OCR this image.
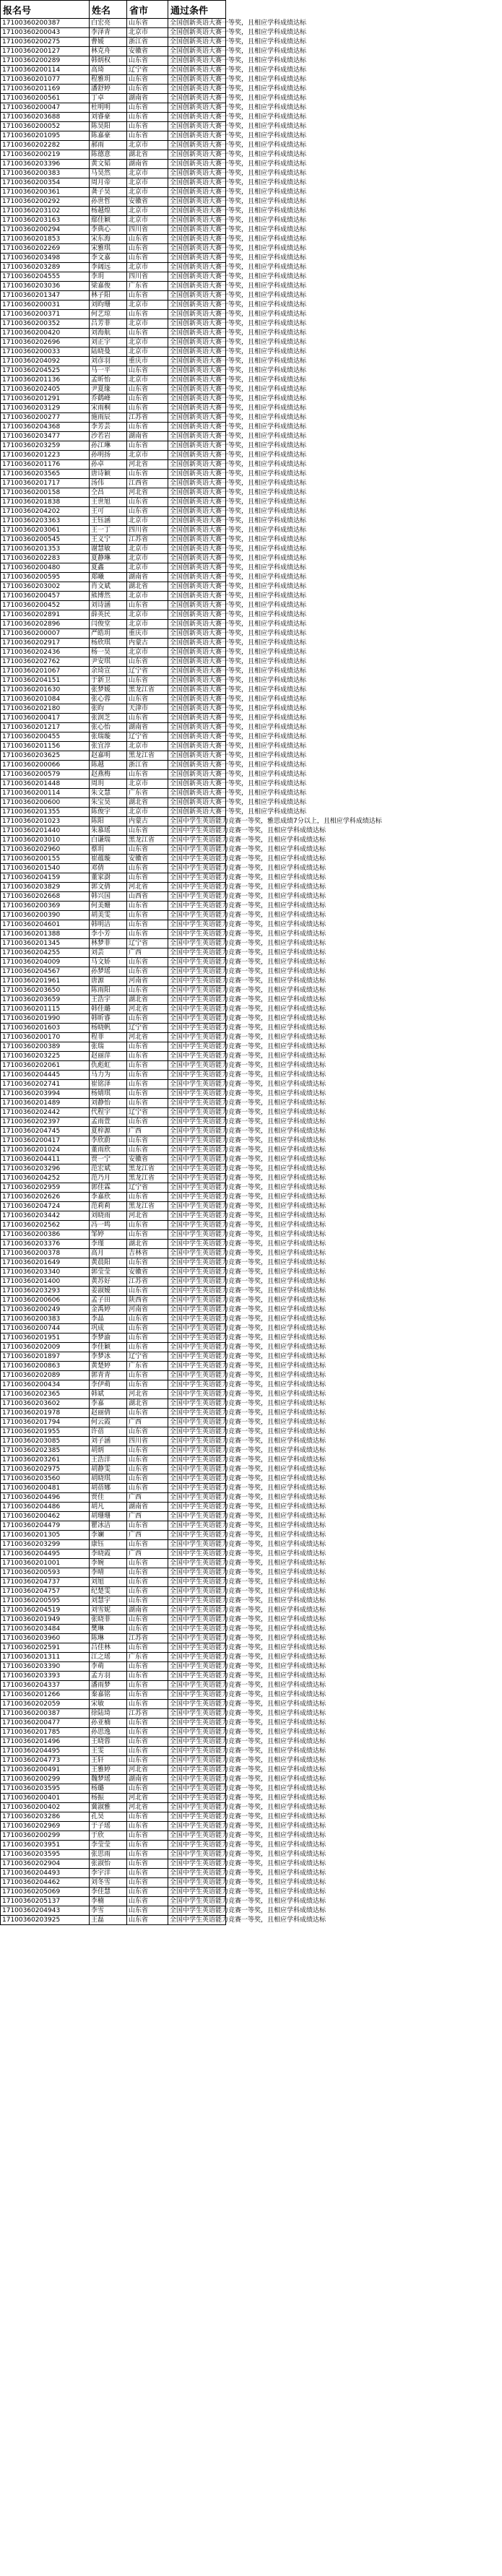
报名号	姓名	省市	通过条件
17100360200387	白宏亮	山东省	全国创新英语大赛一等奖，且相应学科成绩达标
17100360200043	李泽青	北京市	全国创新英语大赛一等奖，且相应学科成绩达标
17100360200275	曹媛	浙江省	全国创新英语大赛一等奖，且相应学科成绩达标
17100360200127	林克舟	安徽省	全国创新英语大赛一等奖，且相应学科成绩达标
17100360200289	韩炳权	山东省	全国创新英语大赛一等奖，且相应学科成绩达标
17100360200114	高琦	辽宁省	全国创新英语大赛一等奖，且相应学科成绩达标
17100360201077	程雅玥	山东省	全国创新英语大赛一等奖，且相应学科成绩达标
17100360201169	潘舒婷	山东省	全国创新英语大赛一等奖，且相应学科成绩达标
17100360200561	丁卓	湖南省	全国创新英语大赛一等奖，且相应学科成绩达标
17100360200047	杜明明	山东省	全国创新英语大赛一等奖，且相应学科成绩达标
17100360203688	刘睿豪	山东省	全国创新英语大赛一等奖，且相应学科成绩达标
17100360200052	陈昊阳	山东省	全国创新英语大赛一等奖，且相应学科成绩达标
17100360201095	陈嘉豪	山东省	全国创新英语大赛一等奖，且相应学科成绩达标
17100360202282	郝雨	北京市	全国创新英语大赛一等奖，且相应学科成绩达标
17100360200219	陈德意	湖北省	全国创新英语大赛一等奖，且相应学科成绩达标
17100360203396	黄文韬	湖南省	全国创新英语大赛一等奖，且相应学科成绩达标
17100360200383	马昊然	北京市	全国创新英语大赛一等奖，且相应学科成绩达标
17100360200354	周月帝	北京市	全国创新英语大赛一等奖，且相应学科成绩达标
17100360200361	龚子昊	北京市	全国创新英语大赛一等奖，且相应学科成绩达标
17100360200292	孙世哲	安徽省	全国创新英语大赛一等奖，且相应学科成绩达标
17100360203102	杨越煌	北京市	全国创新英语大赛一等奖，且相应学科成绩达标
17100360203163	鄢佳颖	北京市	全国创新英语大赛一等奖，且相应学科成绩达标
17100360200294	李典心	四川省	全国创新英语大赛一等奖，且相应学科成绩达标
17100360201853	宋东海	山东省	全国创新英语大赛一等奖，且相应学科成绩达标
17100360202269	宋雅琪	山东省	全国创新英语大赛一等奖，且相应学科成绩达标
17100360203498	李文嘉	山东省	全国创新英语大赛一等奖，且相应学科成绩达标
17100360203289	李阔远	北京市	全国创新英语大赛一等奖，且相应学科成绩达标
17100360204555	李玥	四川省	全国创新英语大赛一等奖，且相应学科成绩达标
17100360203036	梁嘉俊	广东省	全国创新英语大赛一等奖，且相应学科成绩达标
17100360201347	林子阳	山东省	全国创新英语大赛一等奖，且相应学科成绩达标
17100360200031	刘昀珊	北京市	全国创新英语大赛一等奖，且相应学科成绩达标
17100360200371	何艺琼	山东省	全国创新英语大赛一等奖，且相应学科成绩达标
17100360200352	吕芳菲	北京市	全国创新英语大赛一等奖，且相应学科成绩达标
17100360200420	刘海航	山东省	全国创新英语大赛一等奖，且相应学科成绩达标
17100360202696	刘正宇	北京市	全国创新英语大赛一等奖，且相应学科成绩达标
17100360200033	陆晓曼	北京市	全国创新英语大赛一等奖，且相应学科成绩达标
17100360204092	刘彦羽	重庆市	全国创新英语大赛一等奖，且相应学科成绩达标
17100360204525	马一平	山东省	全国创新英语大赛一等奖，且相应学科成绩达标
17100360201136	孟昕怡	北京市	全国创新英语大赛一等奖，且相应学科成绩达标
17100360202405	尹夏缘	山东省	全国创新英语大赛一等奖，且相应学科成绩达标
17100360201291	乔鹤峰	山东省	全国创新英语大赛一等奖，且相应学科成绩达标
17100360203129	宋雨桐	山东省	全国创新英语大赛一等奖，且相应学科成绩达标
17100360200277	施雨辰	江苏省	全国创新英语大赛一等奖，且相应学科成绩达标
17100360204368	李芳芸	山东省	全国创新英语大赛一等奖，且相应学科成绩达标
17100360203477	沙若岩	湖南省	全国创新英语大赛一等奖，且相应学科成绩达标
17100360203259	孙江琳	山东省	全国创新英语大赛一等奖，且相应学科成绩达标
17100360201223	孙明扬	北京市	全国创新英语大赛一等奖，且相应学科成绩达标
17100360201176	孙卓	河北省	全国创新英语大赛一等奖，且相应学科成绩达标
17100360203565	唐诗颖	山东省	全国创新英语大赛一等奖，且相应学科成绩达标
17100360201717	汤伟	江西省	全国创新英语大赛一等奖，且相应学科成绩达标
17100360200158	仝昌	河北省	全国创新英语大赛一等奖，且相应学科成绩达标
17100360201838	王世旭	山东省	全国创新英语大赛一等奖，且相应学科成绩达标
17100360204202	王可	山东省	全国创新英语大赛一等奖，且相应学科成绩达标
17100360203363	王钰涵	北京市	全国创新英语大赛一等奖，且相应学科成绩达标
17100360203061	王一丁	四川省	全国创新英语大赛一等奖，且相应学科成绩达标
17100360200545	王义宁	江苏省	全国创新英语大赛一等奖，且相应学科成绩达标
17100360201353	谢慧敏	北京市	全国创新英语大赛一等奖，且相应学科成绩达标
17100360202283	夏静琳	北京市	全国创新英语大赛一等奖，且相应学科成绩达标
17100360200480	夏鑫	北京市	全国创新英语大赛一等奖，且相应学科成绩达标
17100360200595	郑曦	湖南省	全国创新英语大赛一等奖，且相应学科成绩达标
17100360203002	肖文斌	湖北省	全国创新英语大赛一等奖，且相应学科成绩达标
17100360200457	熊博然	北京市	全国创新英语大赛一等奖，且相应学科成绩达标
17100360200452	刘诗涵	山东省	全国创新英语大赛一等奖，且相应学科成绩达标
17100360202891	薛英民	北京市	全国创新英语大赛一等奖，且相应学科成绩达标
17100360202896	闫俊堂	北京市	全国创新英语大赛一等奖，且相应学科成绩达标
17100360200007	严皓玥	重庆市	全国创新英语大赛一等奖，且相应学科成绩达标
17100360202917	杨欣琪	内蒙古	全国创新英语大赛一等奖，且相应学科成绩达标
17100360202436	杨一昊	北京市	全国创新英语大赛一等奖，且相应学科成绩达标
17100360202762	尹安琪	山东省	全国创新英语大赛一等奖，且相应学科成绩达标
17100360201067	余琦宣	辽宁省	全国创新英语大赛一等奖，且相应学科成绩达标
17100360204151	于新卫	山东省	全国创新英语大赛一等奖，且相应学科成绩达标
17100360201630	张梦媛	黑龙江省	全国创新英语大赛一等奖，且相应学科成绩达标
17100360201084	张心蓉	山东省	全国创新英语大赛一等奖，且相应学科成绩达标
17100360202180	张昀	天津市	全国创新英语大赛一等奖，且相应学科成绩达标
17100360200417	张润芝	山东省	全国创新英语大赛一等奖，且相应学科成绩达标
17100360201217	张心怡	湖南省	全国创新英语大赛一等奖，且相应学科成绩达标
17100360200455	张瑞璇	辽宁省	全国创新英语大赛一等奖，且相应学科成绩达标
17100360201156	张宜淳	北京市	全国创新英语大赛一等奖，且相应学科成绩达标
17100360203625	赵嘉明	黑龙江省	全国创新英语大赛一等奖，且相应学科成绩达标
17100360200066	陈越	浙江省	全国创新英语大赛一等奖，且相应学科成绩达标
17100360200579	赵燕梅	山东省	全国创新英语大赛一等奖，且相应学科成绩达标
17100360201448	周玥	北京市	全国创新英语大赛一等奖，且相应学科成绩达标
17100360200114	朱文慧	广东省	全国创新英语大赛一等奖，且相应学科成绩达标
17100360200600	朱宝昊	湖北省	全国创新英语大赛一等奖，且相应学科成绩达标
17100360201355	陈俊宇	北京市	全国创新英语大赛一等奖，且相应学科成绩达标
17100360201023	陈阳	内蒙古	全国中学生英语能力竞赛一等奖，雅思成绩7分以上，且相应学科成绩达标
17100360201440	朱慕瑶	山东省	全国中学生英语能力竞赛一等奖，且相应学科成绩达标
17100360203010	白谦瑞	黑龙江省	全国中学生英语能力竞赛一等奖，且相应学科成绩达标
17100360202960	蔡玥	山东省	全国中学生英语能力竞赛一等奖，且相应学科成绩达标
17100360200155	崔蕴璇	安徽省	全国中学生英语能力竞赛一等奖，且相应学科成绩达标
17100360201540	邓倩	山东省	全国中学生英语能力竞赛一等奖，且相应学科成绩达标
17100360204159	董家澍	山东省	全国中学生英语能力竞赛一等奖，且相应学科成绩达标
17100360203829	郭文倩	河北省	全国中学生英语能力竞赛一等奖，且相应学科成绩达标
17100360202668	韩兴国	山西省	全国中学生英语能力竞赛一等奖，且相应学科成绩达标
17100360200369	何美姗	山东省	全国中学生英语能力竞赛一等奖，且相应学科成绩达标
17100360200390	胡美雯	山东省	全国中学生英语能力竞赛一等奖，且相应学科成绩达标
17100360204601	韩明洁	山东省	全国中学生英语能力竞赛一等奖，且相应学科成绩达标
17100360201388	李小芳	山东省	全国中学生英语能力竞赛一等奖，且相应学科成绩达标
17100360201345	林梦菲	辽宁省	全国中学生英语能力竞赛一等奖，且相应学科成绩达标
17100360204255	刘芸	广西	全国中学生英语能力竞赛一等奖，且相应学科成绩达标
17100360204009	马文娇	山东省	全国中学生英语能力竞赛一等奖，且相应学科成绩达标
17100360204567	孙梦瑶	山东省	全国中学生英语能力竞赛一等奖，且相应学科成绩达标
17100360201961	唐源	河南省	全国中学生英语能力竞赛一等奖，且相应学科成绩达标
17100360203650	陈雨阳	山东省	全国中学生英语能力竞赛一等奖，且相应学科成绩达标
17100360203659	王浩宇	湖北省	全国中学生英语能力竞赛一等奖，且相应学科成绩达标
17100360201115	韩佳璐	河北省	全国中学生英语能力竞赛一等奖，且相应学科成绩达标
17100360201990	韩昕睿	山东省	全国中学生英语能力竞赛一等奖，且相应学科成绩达标
17100360201603	杨晓帆	辽宁省	全国中学生英语能力竞赛一等奖，且相应学科成绩达标
17100360200170	程菲	河北省	全国中学生英语能力竞赛一等奖，且相应学科成绩达标
17100360200389	张瑞	山东省	全国中学生英语能力竞赛一等奖，且相应学科成绩达标
17100360203225	赵丽萍	山东省	全国中学生英语能力竞赛一等奖，且相应学科成绩达标
17100360202061	仇彪虹	山东省	全国中学生英语能力竞赛一等奖，且相应学科成绩达标
17100360204445	马力为	山东省	全国中学生英语能力竞赛一等奖，且相应学科成绩达标
17100360202741	崔铭泽	山东省	全国中学生英语能力竞赛一等奖，且相应学科成绩达标
17100360203994	杨婧琪	山东省	全国中学生英语能力竞赛一等奖，且相应学科成绩达标
17100360201489	刘静怡	山东省	全国中学生英语能力竞赛一等奖，且相应学科成绩达标
17100360202442	代程宇	辽宁省	全国中学生英语能力竞赛一等奖，且相应学科成绩达标
17100360202397	孟雨萱	山东省	全国中学生英语能力竞赛一等奖，且相应学科成绩达标
17100360204745	夏梓源	广西	全国中学生英语能力竞赛一等奖，且相应学科成绩达标
17100360200417	李欣蔚	山东省	全国中学生英语能力竞赛一等奖，且相应学科成绩达标
17100360201024	董雨欣	山东省	全国中学生英语能力竞赛一等奖，且相应学科成绩达标
17100360204411	贾一宁	安徽省	全国中学生英语能力竞赛一等奖，且相应学科成绩达标
17100360203296	范宏斌	黑龙江省	全国中学生英语能力竞赛一等奖，且相应学科成绩达标
17100360204252	范乃月	黑龙江省	全国中学生英语能力竞赛一等奖，且相应学科成绩达标
17100360202959	郭佳霖	辽宁省	全国中学生英语能力竞赛一等奖，且相应学科成绩达标
17100360202626	李嘉欣	山东省	全国中学生英语能力竞赛一等奖，且相应学科成绩达标
17100360204724	范莉莉	黑龙江省	全国中学生英语能力竞赛一等奖，且相应学科成绩达标
17100360203442	刘晓雨	河北省	全国中学生英语能力竞赛一等奖，且相应学科成绩达标
17100360202562	冯一鸣	山东省	全国中学生英语能力竞赛一等奖，且相应学科成绩达标
17100360200386	邹婷	山东省	全国中学生英语能力竞赛一等奖，且相应学科成绩达标
17100360203376	李瑾	湖北省	全国中学生英语能力竞赛一等奖，且相应学科成绩达标
17100360200378	高月	吉林省	全国中学生英语能力竞赛一等奖，且相应学科成绩达标
17100360201649	黄晨阳	山东省	全国中学生英语能力竞赛一等奖，且相应学科成绩达标
17100360203340	郭莹莹	安徽省	全国中学生英语能力竞赛一等奖，且相应学科成绩达标
17100360201400	黄苏好	江苏省	全国中学生英语能力竞赛一等奖，且相应学科成绩达标
17100360203293	姜淑嫒	山东省	全国中学生英语能力竞赛一等奖，且相应学科成绩达标
17100360200606	孟子田	陕西省	全国中学生英语能力竞赛一等奖，且相应学科成绩达标
17100360200249	金禹婷	河南省	全国中学生英语能力竞赛一等奖，且相应学科成绩达标
17100360200383	李晶	山东省	全国中学生英语能力竞赛一等奖，且相应学科成绩达标
17100360200744	巩成	山东省	全国中学生英语能力竞赛一等奖，且相应学科成绩达标
17100360201951	李梦渝	山东省	全国中学生英语能力竞赛一等奖，且相应学科成绩达标
17100360202009	李佳颖	山东省	全国中学生英语能力竞赛一等奖，且相应学科成绩达标
17100360201897	李梦冰	辽宁省	全国中学生英语能力竞赛一等奖，且相应学科成绩达标
17100360200863	黄楚婷	广东省	全国中学生英语能力竞赛一等奖，且相应学科成绩达标
17100360202089	郭青青	山东省	全国中学生英语能力竞赛一等奖，且相应学科成绩达标
17100360200434	李伊萌	山东省	全国中学生英语能力竞赛一等奖，且相应学科成绩达标
17100360202365	韩斌	河北省	全国中学生英语能力竞赛一等奖，且相应学科成绩达标
17100360203602	李嘉	湖北省	全国中学生英语能力竞赛一等奖，且相应学科成绩达标
17100360201978	赵丽倩	山东省	全国中学生英语能力竞赛一等奖，且相应学科成绩达标
17100360201794	何云霞	广西	全国中学生英语能力竞赛一等奖，且相应学科成绩达标
17100360201955	许蓓	山东省	全国中学生英语能力竞赛一等奖，且相应学科成绩达标
17100360203085	刘子涵	四川省	全国中学生英语能力竞赛一等奖，且相应学科成绩达标
17100360202385	胡炳	山东省	全国中学生英语能力竞赛一等奖，且相应学科成绩达标
17100360203261	王浩洋	山东省	全国中学生英语能力竞赛一等奖，且相应学科成绩达标
17100360202975	胡静雯	山东省	全国中学生英语能力竞赛一等奖，且相应学科成绩达标
17100360203560	胡晓琪	山东省	全国中学生英语能力竞赛一等奖，且相应学科成绩达标
17100360200481	胡蓓娜	山东省	全国中学生英语能力竞赛一等奖，且相应学科成绩达标
17100360204496	贾佳	广西	全国中学生英语能力竞赛一等奖，且相应学科成绩达标
17100360204486	胡凡	湖南省	全国中学生英语能力竞赛一等奖，且相应学科成绩达标
17100360200462	胡珊珊	广西	全国中学生英语能力竞赛一等奖，且相应学科成绩达标
17100360204479	瞿冰洁	山东省	全国中学生英语能力竞赛一等奖，且相应学科成绩达标
17100360201305	李斓	广西	全国中学生英语能力竞赛一等奖，且相应学科成绩达标
17100360203299	康钰	山东省	全国中学生英语能力竞赛一等奖，且相应学科成绩达标
17100360204495	李晓霞	广西	全国中学生英语能力竞赛一等奖，且相应学科成绩达标
17100360201001	李婉	山东省	全国中学生英语能力竞赛一等奖，且相应学科成绩达标
17100360200593	李晴	山东省	全国中学生英语能力竞赛一等奖，且相应学科成绩达标
17100360204737	刘旭	山东省	全国中学生英语能力竞赛一等奖，且相应学科成绩达标
17100360204757	纪楚雯	山东省	全国中学生英语能力竞赛一等奖，且相应学科成绩达标
17100360200595	刘慧宇	山东省	全国中学生英语能力竞赛一等奖，且相应学科成绩达标
17100360204519	刘雪妮	湖南省	全国中学生英语能力竞赛一等奖，且相应学科成绩达标
17100360201949	张晓菲	山东省	全国中学生英语能力竞赛一等奖，且相应学科成绩达标
17100360203484	樊琳	山东省	全国中学生英语能力竞赛一等奖，且相应学科成绩达标
17100360203960	陈琳	江苏省	全国中学生英语能力竞赛一等奖，且相应学科成绩达标
17100360202591	吕佳林	山东省	全国中学生英语能力竞赛一等奖，且相应学科成绩达标
17100360201311	江之瑶	广东省	全国中学生英语能力竞赛一等奖，且相应学科成绩达标
17100360203390	李萌	山东省	全国中学生英语能力竞赛一等奖，且相应学科成绩达标
17100360203393	孟方羽	山东省	全国中学生英语能力竞赛一等奖，且相应学科成绩达标
17100360204337	潘雨梦	山东省	全国中学生英语能力竞赛一等奖，且相应学科成绩达标
17100360201266	秦嘉铭	山东省	全国中学生英语能力竞赛一等奖，且相应学科成绩达标
17100360202059	宋敏	山东省	全国中学生英语能力竞赛一等奖，且相应学科成绩达标
17100360200387	徐陆琦	江苏省	全国中学生英语能力竞赛一等奖，且相应学科成绩达标
17100360200477	孙亚楠	山东省	全国中学生英语能力竞赛一等奖，且相应学科成绩达标
17100360201785	孙思逸	山东省	全国中学生英语能力竞赛一等奖，且相应学科成绩达标
17100360201496	王晓蓉	山东省	全国中学生英语能力竞赛一等奖，且相应学科成绩达标
17100360204495	王雯	山东省	全国中学生英语能力竞赛一等奖，且相应学科成绩达标
17100360204773	王轩	山东省	全国中学生英语能力竞赛一等奖，且相应学科成绩达标
17100360200491	王雅婷	河北省	全国中学生英语能力竞赛一等奖，且相应学科成绩达标
17100360200299	魏梦瑶	湖南省	全国中学生英语能力竞赛一等奖，且相应学科成绩达标
17100360203595	杨璐	山东省	全国中学生英语能力竞赛一等奖，且相应学科成绩达标
17100360200401	杨振	河北省	全国中学生英语能力竞赛一等奖，且相应学科成绩达标
17100360200402	冀淑雅	河北省	全国中学生英语能力竞赛一等奖，且相应学科成绩达标
17100360203286	孔昊	山东省	全国中学生英语能力竞赛一等奖，且相应学科成绩达标
17100360202969	于子瑶	山东省	全国中学生英语能力竞赛一等奖，且相应学科成绩达标
17100360200299	于欣	山东省	全国中学生英语能力竞赛一等奖，且相应学科成绩达标
17100360203951	李莹莹	山东省	全国中学生英语能力竞赛一等奖，且相应学科成绩达标
17100360203595	张思雨	山东省	全国中学生英语能力竞赛一等奖，且相应学科成绩达标
17100360202904	张淑怡	山东省	全国中学生英语能力竞赛一等奖，且相应学科成绩达标
17100360204493	李宇洋	山东省	全国中学生英语能力竞赛一等奖，且相应学科成绩达标
17100360204462	刘冬雪	山东省	全国中学生英语能力竞赛一等奖，且相应学科成绩达标
17100360205069	李佳慧	山东省	全国中学生英语能力竞赛一等奖，且相应学科成绩达标
17100360205137	李楠	山东省	全国中学生英语能力竞赛一等奖，且相应学科成绩达标
17100360204943	李雪	山东省	全国中学生英语能力竞赛一等奖，且相应学科成绩达标
17100360203925	王磊	山东省	全国中学生英语能力竞赛一等奖，且相应学科成绩达标
